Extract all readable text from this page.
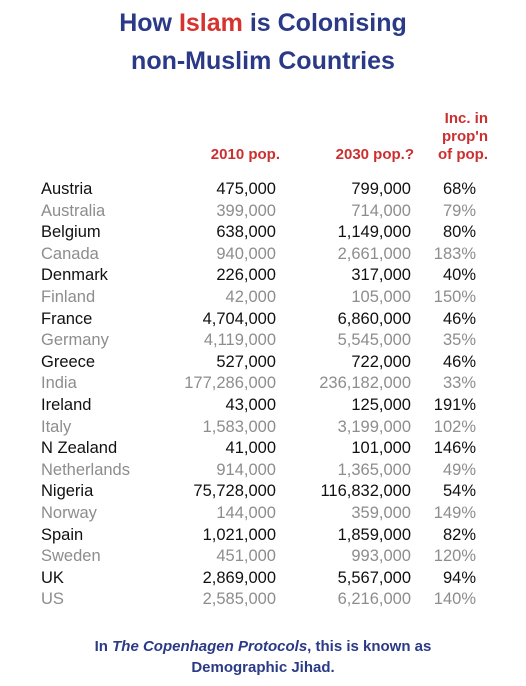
How Islam is Colonising
non-Muslim Countries
Inc. in
prop'n
of pop.
2010 pop.	2030 pop.?
Austria	475,000	799,000 68%
Australia	399,000	714,000 79%
Belgium	638,000	1,149,000 80%
Canada	940,000	2,661,000 183%
Denmark	226,000	317,000 40%
Finland	42,000	105,000 150%
France	4,704,000	6,860,000 46%
Germany	4,119,000	5,545,000 35%
Greece	527,000	722,000 46%
India	177,286,000	236,182,000 33%
Ireland	43,000	125,000 191%
Italy	1,583,000	3,199,000 102%
N Zealand	41,000	101,000 146%
Netherlands	914,000	1,365,000 49%
Nigeria	75,728,000	116,832,000 54%
Norway	144,000	359,000 149%
Spain	1,021,000	1,859,000 82%
Sweden	451,000	993,000 120%
UK	2,869,000	5,567,000 94%
US	2,585,000	6,216,000 140%
In The Copenhagen Protocols, this is known as
Demographic Jihad.
